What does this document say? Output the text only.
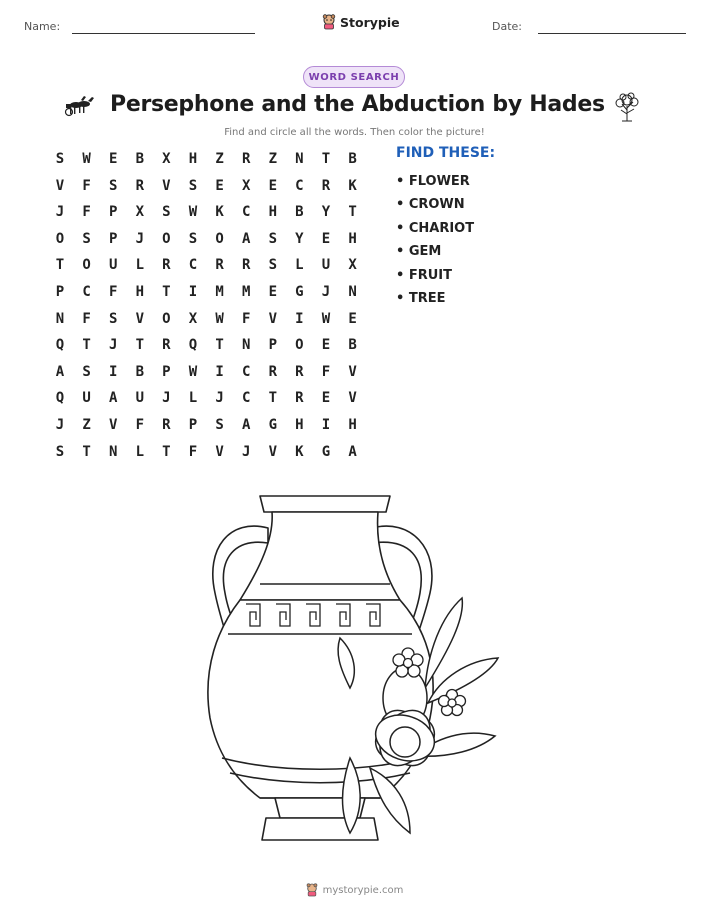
Name:	Storypie	Date:
WORD SEARCH
Persephone and the Abduction by Hades
Find and circle all the words. Then color the picture!
S	W	E	B	X	H	Z	R	Z	N	T	B
V	F	S	R	V	S	E	X	E	C	R	K
J	F	P	X	S	W	K	C	H	B	Y	T
O	S	P	J	O	S	O	A	S	Y	E	H
T	O	U	L	R	C	R	R	S	L	U	X
P	C	F	H	T	I	M	M	E	G	J	N
N	F	S	V	O	X	W	F	V	I	W	E
Q	T	J	T	R	Q	T	N	P	O	E	B
A	S	I	B	P	W	I	C	R	R	F	V
Q	U	A	U	J	L	J	C	T	R	E	V
J	Z	V	F	R	P	S	A	G	H	I	H
S	T	N	L	T	F	V	J	V	K	G	A
FIND THESE:
• FLOWER
• CROWN
• CHARIOT
• GEM
• FRUIT
• TREE
mystorypie.com
